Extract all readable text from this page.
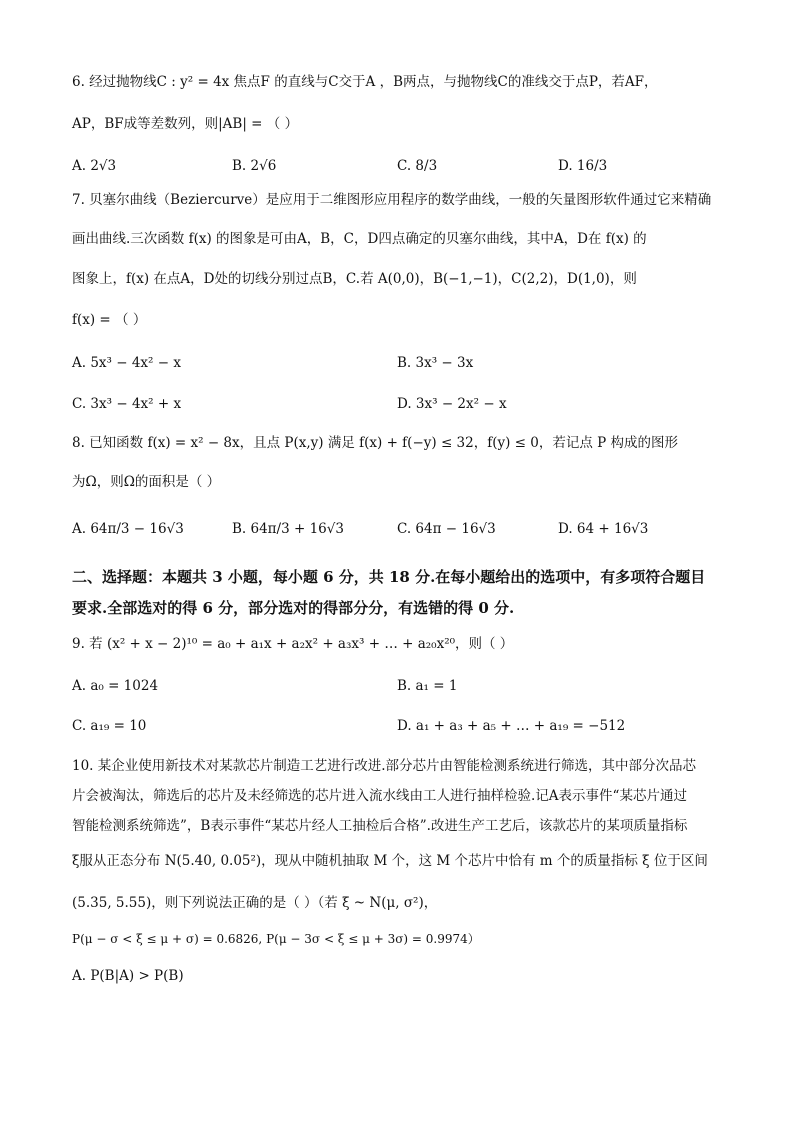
6. 经过抛物线C : y² = 4x 焦点F 的直线与C交于A ，B两点，与抛物线C的准线交于点P，若AF，
AP，BF成等差数列，则|AB| = （ ）
A. 2√3	B. 2√6	C. 8/3	D. 16/3
7. 贝塞尔曲线（Beziercurve）是应用于二维图形应用程序的数学曲线，一般的矢量图形软件通过它来精确
画出曲线.三次函数 f(x) 的图象是可由A，B，C，D四点确定的贝塞尔曲线，其中A，D在 f(x) 的
图象上，f(x) 在点A，D处的切线分别过点B，C.若 A(0,0)，B(−1,−1)，C(2,2)，D(1,0)，则
f(x) = （ ）
A. 5x³ − 4x² − x	B. 3x³ − 3x
C. 3x³ − 4x² + x	D. 3x³ − 2x² − x
8. 已知函数 f(x) = x² − 8x，且点 P(x,y) 满足 f(x) + f(−y) ≤ 32，f(y) ≤ 0，若记点 P 构成的图形
为Ω，则Ω的面积是（ ）
A. 64π/3 − 16√3	B. 64π/3 + 16√3	C. 64π − 16√3	D. 64 + 16√3
二、选择题：本题共 3 小题，每小题 6 分，共 18 分.在每小题给出的选项中，有多项符合题目
要求.全部选对的得 6 分，部分选对的得部分分，有选错的得 0 分.
9. 若 (x² + x − 2)¹⁰ = a₀ + a₁x + a₂x² + a₃x³ + … + a₂₀x²⁰，则（ ）
A. a₀ = 1024	B. a₁ = 1
C. a₁₉ = 10	D. a₁ + a₃ + a₅ + … + a₁₉ = −512
10. 某企业使用新技术对某款芯片制造工艺进行改进.部分芯片由智能检测系统进行筛选，其中部分次品芯
片会被淘汰，筛选后的芯片及未经筛选的芯片进入流水线由工人进行抽样检验.记A表示事件“某芯片通过
智能检测系统筛选”，B表示事件“某芯片经人工抽检后合格”.改进生产工艺后，该款芯片的某项质量指标
ξ服从正态分布 N(5.40, 0.05²)，现从中随机抽取 M 个，这 M 个芯片中恰有 m 个的质量指标 ξ 位于区间
(5.35, 5.55)，则下列说法正确的是（ ）（若 ξ ~ N(μ, σ²)，
P(μ − σ < ξ ≤ μ + σ) = 0.6826, P(μ − 3σ < ξ ≤ μ + 3σ) = 0.9974）
A. P(B|A) > P(B)
